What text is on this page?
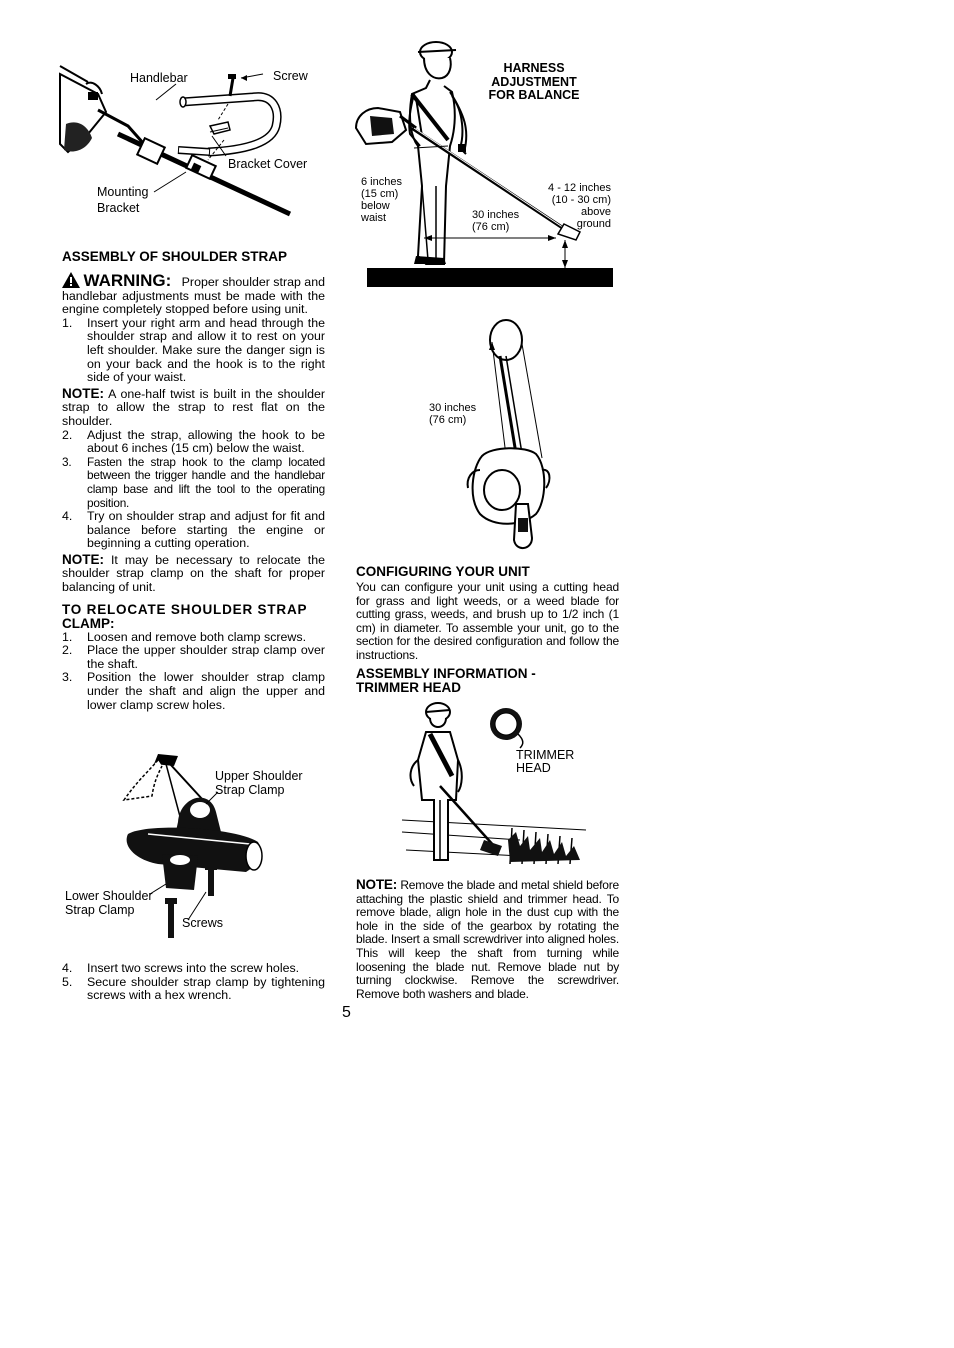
Handlebar	Screw
Bracket Cover
Mounting
Bracket
ASSEMBLY OF SHOULDER STRAP

WARNING: Proper shoulder strap and handlebar adjustments must be made with the engine completely stopped before using unit.

1.	Insert your right arm and head through the shoulder strap and allow it to rest on your left shoulder. Make sure the danger sign is on your back and the hook is to the right side of your waist.

NOTE: A one-half twist is built in the shoulder strap to allow the strap to rest flat on the shoulder.

2.	Adjust the strap, allowing the hook to be about 6 inches (15 cm) below the waist.
3.	Fasten the strap hook to the clamp located between the trigger handle and the handlebar clamp base and lift the tool to the operating position.
4.	Try on shoulder strap and adjust for fit and balance before starting the engine or beginning a cutting operation.

NOTE: It may be necessary to relocate the shoulder strap clamp on the shaft for proper balancing of unit.

TO RELOCATE SHOULDER STRAP
CLAMP:
1.	Loosen and remove both clamp screws.
2.	Place the upper shoulder strap clamp over the shaft.
3.	Position the lower shoulder strap clamp under the shaft and align the upper and lower clamp screw holes.
Upper Shoulder
Strap Clamp
Lower Shoulder
Strap Clamp
Screws
4.	Insert two screws into the screw holes.
5.	Secure shoulder strap clamp by tightening screws with a hex wrench.
HARNESS
ADJUSTMENT
FOR BALANCE
6 inches
(15 cm)
below
waist	30 inches
(76 cm)
4 - 12 inches
(10 - 30 cm)
above
ground
30 inches
(76 cm)
CONFIGURING YOUR UNIT

You can configure your unit using a cutting head for grass and light weeds, or a weed blade for cutting grass, weeds, and brush up to 1/2 inch (1 cm) in diameter. To assemble your unit, go to the section for the desired configuration and follow the instructions.

ASSEMBLY INFORMATION -
TRIMMER HEAD
TRIMMER
HEAD

NOTE: Remove the blade and metal shield before attaching the plastic shield and trimmer head. To remove blade, align hole in the dust cup with the hole in the side of the gearbox by rotating the blade. Insert a small screwdriver into aligned holes. This will keep the shaft from turning while loosening the blade nut. Remove blade nut by turning clockwise. Remove the screwdriver. Remove both washers and blade.

5
